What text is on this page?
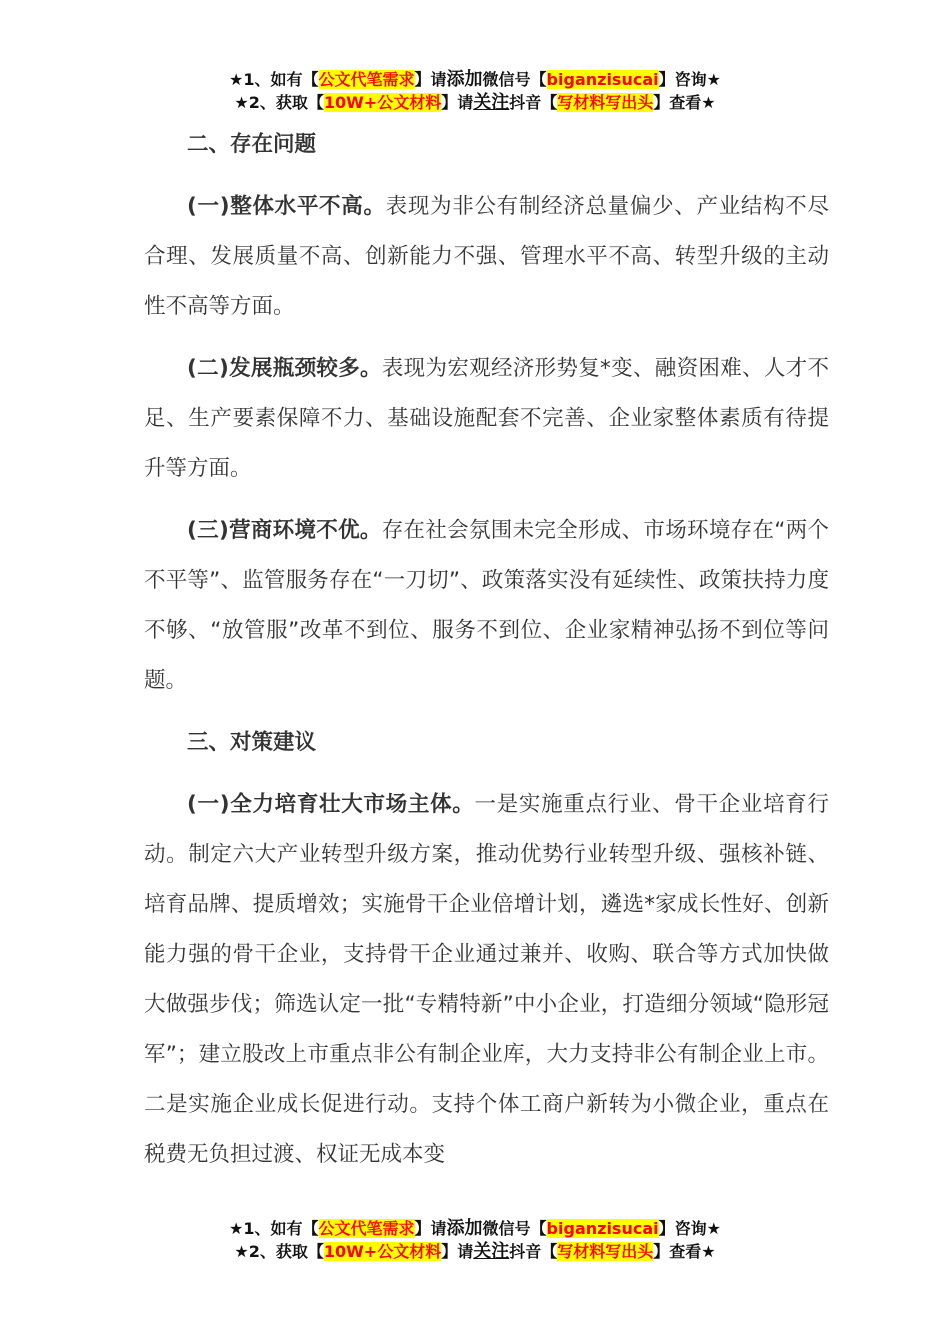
★1、如有【公文代笔需求】请添加微信号【biganzisucai】咨询★
★2、获取【10W+公文材料】请关注抖音【写材料写出头】查看★

二、存在问题

(一)整体水平不高。表现为非公有制经济总量偏少、产业结构不尽合理、发展质量不高、创新能力不强、管理水平不高、转型升级的主动性不高等方面。

(二)发展瓶颈较多。表现为宏观经济形势复*变、融资困难、人才不足、生产要素保障不力、基础设施配套不完善、企业家整体素质有待提升等方面。

(三)营商环境不优。存在社会氛围未完全形成、市场环境存在“两个不平等”、监管服务存在“一刀切”、政策落实没有延续性、政策扶持力度不够、“放管服”改革不到位、服务不到位、企业家精神弘扬不到位等问题。

三、对策建议

(一)全力培育壮大市场主体。一是实施重点行业、骨干企业培育行动。制定六大产业转型升级方案，推动优势行业转型升级、强核补链、培育品牌、提质增效；实施骨干企业倍增计划，遴选*家成长性好、创新能力强的骨干企业，支持骨干企业通过兼并、收购、联合等方式加快做大做强步伐；筛选认定一批“专精特新”中小企业，打造细分领域“隐形冠军”；建立股改上市重点非公有制企业库，大力支持非公有制企业上市。二是实施企业成长促进行动。支持个体工商户新转为小微企业，重点在税费无负担过渡、权证无成本变

★1、如有【公文代笔需求】请添加微信号【biganzisucai】咨询★
★2、获取【10W+公文材料】请关注抖音【写材料写出头】查看★
